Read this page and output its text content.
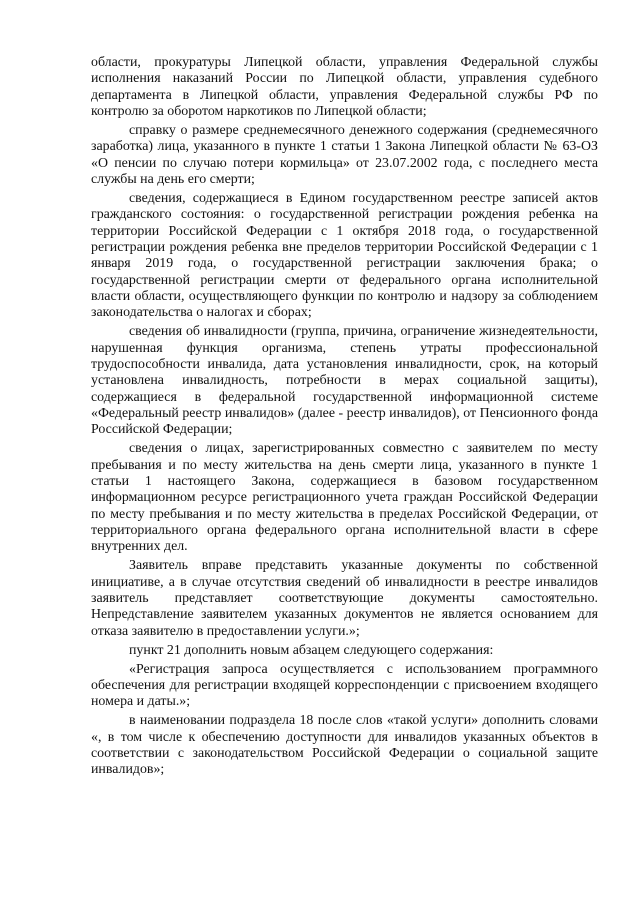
области, прокуратуры Липецкой области, управления Федеральной службы исполнения наказаний России по Липецкой области, управления судебного департамента в Липецкой области, управления Федеральной службы РФ по контролю за оборотом наркотиков по Липецкой области;

справку о размере среднемесячного денежного содержания (среднемесячного заработка) лица, указанного в пункте 1 статьи 1 Закона Липецкой области № 63-ОЗ «О пенсии по случаю потери кормильца» от 23.07.2002 года, с последнего места службы на день его смерти;

сведения, содержащиеся в Едином государственном реестре записей актов гражданского состояния: о государственной регистрации рождения ребенка на территории Российской Федерации с 1 октября 2018 года, о государственной регистрации рождения ребенка вне пределов территории Российской Федерации с 1 января 2019 года, о государственной регистрации заключения брака; о государственной регистрации смерти от федерального органа исполнительной власти области, осуществляющего функции по контролю и надзору за соблюдением законодательства о налогах и сборах;

сведения об инвалидности (группа, причина, ограничение жизнедеятельности, нарушенная функция организма, степень утраты профессиональной трудоспособности инвалида, дата установления инвалидности, срок, на который установлена инвалидность, потребности в мерах социальной защиты), содержащиеся в федеральной государственной информационной системе «Федеральный реестр инвалидов» (далее - реестр инвалидов), от Пенсионного фонда Российской Федерации;

сведения о лицах, зарегистрированных совместно с заявителем по месту пребывания и по месту жительства на день смерти лица, указанного в пункте 1 статьи 1 настоящего Закона, содержащиеся в базовом государственном информационном ресурсе регистрационного учета граждан Российской Федерации по месту пребывания и по месту жительства в пределах Российской Федерации, от территориального органа федерального органа исполнительной власти в сфере внутренних дел.

Заявитель вправе представить указанные документы по собственной инициативе, а в случае отсутствия сведений об инвалидности в реестре инвалидов заявитель представляет соответствующие документы самостоятельно. Непредставление заявителем указанных документов не является основанием для отказа заявителю в предоставлении услуги.»;

пункт 21 дополнить новым абзацем следующего содержания:

«Регистрация запроса осуществляется с использованием программного обеспечения для регистрации входящей корреспонденции с присвоением входящего номера и даты.»;

в наименовании подраздела 18 после слов «такой услуги» дополнить словами «, в том числе к обеспечению доступности для инвалидов указанных объектов в соответствии с законодательством Российской Федерации о социальной защите инвалидов»;
